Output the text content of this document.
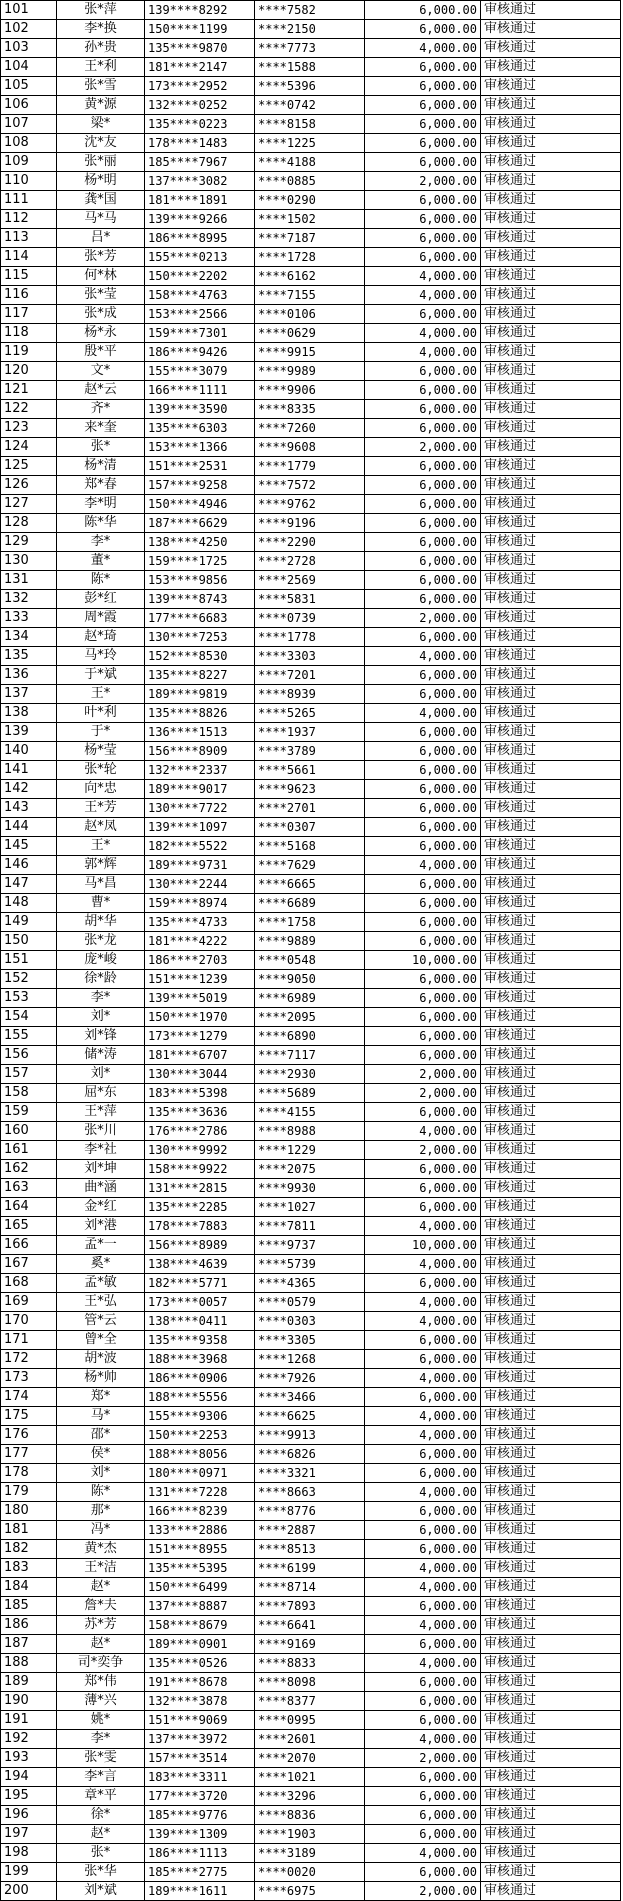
101	张*萍	139****8292	****7582	6,000.00	审核通过
102	李*换	150****1199	****2150	6,000.00	审核通过
103	孙*贵	135****9870	****7773	4,000.00	审核通过
104	王*利	181****2147	****1588	6,000.00	审核通过
105	张*雪	173****2952	****5396	6,000.00	审核通过
106	黄*源	132****0252	****0742	6,000.00	审核通过
107	梁*	135****0223	****8158	6,000.00	审核通过
108	沈*友	178****1483	****1225	6,000.00	审核通过
109	张*丽	185****7967	****4188	6,000.00	审核通过
110	杨*明	137****3082	****0885	2,000.00	审核通过
111	龚*国	181****1891	****0290	6,000.00	审核通过
112	马*马	139****9266	****1502	6,000.00	审核通过
113	吕*	186****8995	****7187	6,000.00	审核通过
114	张*芳	155****0213	****1728	6,000.00	审核通过
115	何*林	150****2202	****6162	4,000.00	审核通过
116	张*莹	158****4763	****7155	4,000.00	审核通过
117	张*成	153****2566	****0106	6,000.00	审核通过
118	杨*永	159****7301	****0629	4,000.00	审核通过
119	殷*平	186****9426	****9915	4,000.00	审核通过
120	文*	155****3079	****9989	6,000.00	审核通过
121	赵*云	166****1111	****9906	6,000.00	审核通过
122	齐*	139****3590	****8335	6,000.00	审核通过
123	来*奎	135****6303	****7260	6,000.00	审核通过
124	张*	153****1366	****9608	2,000.00	审核通过
125	杨*清	151****2531	****1779	6,000.00	审核通过
126	郑*春	157****9258	****7572	6,000.00	审核通过
127	李*明	150****4946	****9762	6,000.00	审核通过
128	陈*华	187****6629	****9196	6,000.00	审核通过
129	李*	138****4250	****2290	6,000.00	审核通过
130	董*	159****1725	****2728	6,000.00	审核通过
131	陈*	153****9856	****2569	6,000.00	审核通过
132	彭*红	139****8743	****5831	6,000.00	审核通过
133	周*霞	177****6683	****0739	2,000.00	审核通过
134	赵*琦	130****7253	****1778	6,000.00	审核通过
135	马*玲	152****8530	****3303	4,000.00	审核通过
136	于*斌	135****8227	****7201	6,000.00	审核通过
137	王*	189****9819	****8939	6,000.00	审核通过
138	叶*利	135****8826	****5265	4,000.00	审核通过
139	于*	136****1513	****1937	6,000.00	审核通过
140	杨*莹	156****8909	****3789	6,000.00	审核通过
141	张*轮	132****2337	****5661	6,000.00	审核通过
142	向*忠	189****9017	****9623	6,000.00	审核通过
143	王*芳	130****7722	****2701	6,000.00	审核通过
144	赵*凤	139****1097	****0307	6,000.00	审核通过
145	王*	182****5522	****5168	6,000.00	审核通过
146	郭*辉	189****9731	****7629	4,000.00	审核通过
147	马*昌	130****2244	****6665	6,000.00	审核通过
148	曹*	159****8974	****6689	6,000.00	审核通过
149	胡*华	135****4733	****1758	6,000.00	审核通过
150	张*龙	181****4222	****9889	6,000.00	审核通过
151	庞*峻	186****2703	****0548	10,000.00	审核通过
152	徐*龄	151****1239	****9050	6,000.00	审核通过
153	李*	139****5019	****6989	6,000.00	审核通过
154	刘*	150****1970	****2095	6,000.00	审核通过
155	刘*锋	173****1279	****6890	6,000.00	审核通过
156	储*涛	181****6707	****7117	6,000.00	审核通过
157	刘*	130****3044	****2930	2,000.00	审核通过
158	屈*东	183****5398	****5689	2,000.00	审核通过
159	王*萍	135****3636	****4155	6,000.00	审核通过
160	张*川	176****2786	****8988	4,000.00	审核通过
161	李*社	130****9992	****1229	2,000.00	审核通过
162	刘*坤	158****9922	****2075	6,000.00	审核通过
163	曲*涵	131****2815	****9930	6,000.00	审核通过
164	金*红	135****2285	****1027	6,000.00	审核通过
165	刘*港	178****7883	****7811	4,000.00	审核通过
166	孟*一	156****8989	****9737	10,000.00	审核通过
167	奚*	138****4639	****5739	4,000.00	审核通过
168	孟*敏	182****5771	****4365	6,000.00	审核通过
169	王*弘	173****0057	****0579	4,000.00	审核通过
170	管*云	138****0411	****0303	4,000.00	审核通过
171	曾*全	135****9358	****3305	6,000.00	审核通过
172	胡*波	188****3968	****1268	6,000.00	审核通过
173	杨*帅	186****0906	****7926	4,000.00	审核通过
174	郑*	188****5556	****3466	6,000.00	审核通过
175	马*	155****9306	****6625	4,000.00	审核通过
176	邵*	150****2253	****9913	4,000.00	审核通过
177	侯*	188****8056	****6826	6,000.00	审核通过
178	刘*	180****0971	****3321	6,000.00	审核通过
179	陈*	131****7228	****8663	4,000.00	审核通过
180	那*	166****8239	****8776	6,000.00	审核通过
181	冯*	133****2886	****2887	6,000.00	审核通过
182	黄*杰	151****8955	****8513	6,000.00	审核通过
183	王*洁	135****5395	****6199	4,000.00	审核通过
184	赵*	150****6499	****8714	4,000.00	审核通过
185	詹*夫	137****8887	****7893	6,000.00	审核通过
186	苏*芳	158****8679	****6641	4,000.00	审核通过
187	赵*	189****0901	****9169	6,000.00	审核通过
188	司*奕争	135****0526	****8833	4,000.00	审核通过
189	郑*伟	191****8678	****8098	6,000.00	审核通过
190	薄*兴	132****3878	****8377	6,000.00	审核通过
191	姚*	151****9069	****0995	6,000.00	审核通过
192	李*	137****3972	****2601	4,000.00	审核通过
193	张*雯	157****3514	****2070	2,000.00	审核通过
194	李*言	183****3311	****1021	6,000.00	审核通过
195	章*平	177****3720	****3296	6,000.00	审核通过
196	徐*	185****9776	****8836	6,000.00	审核通过
197	赵*	139****1309	****1903	6,000.00	审核通过
198	张*	186****1113	****3189	4,000.00	审核通过
199	张*华	185****2775	****0020	6,000.00	审核通过
200	刘*斌	189****1611	****6975	2,000.00	审核通过
